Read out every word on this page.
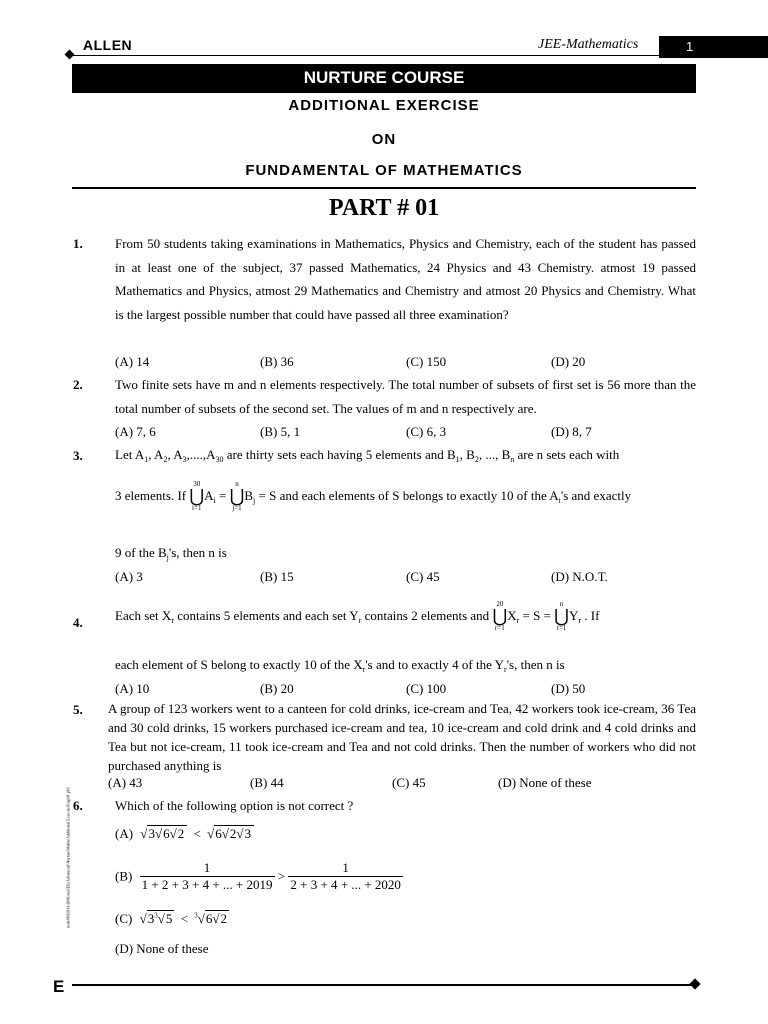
ALLEN	JEE-Mathematics	1
NURTURE COURSE
ADDITIONAL EXERCISE
ON
FUNDAMENTAL OF MATHEMATICS
PART # 01
1. From 50 students taking examinations in Mathematics, Physics and Chemistry, each of the student has passed in at least one of the subject, 37 passed Mathematics, 24 Physics and 43 Chemistry. atmost 19 passed Mathematics and Physics, atmost 29 Mathematics and Chemistry and atmost 20 Physics and Chemistry. What is the largest possible number that could have passed all three examination?
(A) 14	(B) 36	(C) 150	(D) 20
2. Two finite sets have m and n elements respectively. The total number of subsets of first set is 56 more than the total number of subsets of the second set. The values of m and n respectively are.
(A) 7, 6	(B) 5, 1	(C) 6, 3	(D) 8, 7
3. Let $A_1$, $A_2$, $A_3,....,A_{30}$ are thirty sets each having 5 elements and $B_1$, $B_2$, ..., $B_n$ are n sets each with
3 elements. If 30
⋃
$i=1A_i = n$
⋃
$j=1B_j = S$ and each elements of S belongs to exactly 10 of the $A_i's$ and exactly
9 of the $B_j's$, then n is
(A) 3	(B) 15	(C) 45	(D) N.O.T.
4. Each set $X_r$ contains 5 elements and each set $Y_r$ contains 2 elements and 20
⋃
$r=1X_r = S = n$
⋃
$r=1Y_r$ . If
each element of S belong to exactly 10 of the $X_r's$ and to exactly 4 of the $Y_r's$, then n is
(A) 10	(B) 20	(C) 100	(D) 50
5. A group of 123 workers went to a canteen for cold drinks, ice-cream and Tea, 42 workers took ice-cream, 36 Tea and 30 cold drinks, 15 workers purchased ice-cream and tea, 10 ice-cream and cold drink and 4 cold drinks and Tea but not ice-cream, 11 took ice-cream and Tea and not cold drinks. Then the number of workers who did not purchased anything is
(A) 43	(B) 44	(C) 45	(D) None of these
6. Which of the following option is not correct ?
(A) √3√6√2 < √6√2√3
$(B) \frac{1}{1 + 2 + 3 + 4 + ... + 2019} > \frac{1}{2 + 3 + 4 + ... + 2020}$
(C) $√3^3√5 < ^3√6√2$
(D) None of these
node06\B0AI-B0\Kota\JEE(Advanced)\Nurture\Maths\Additional Exercise\Eng\01.p65
E
